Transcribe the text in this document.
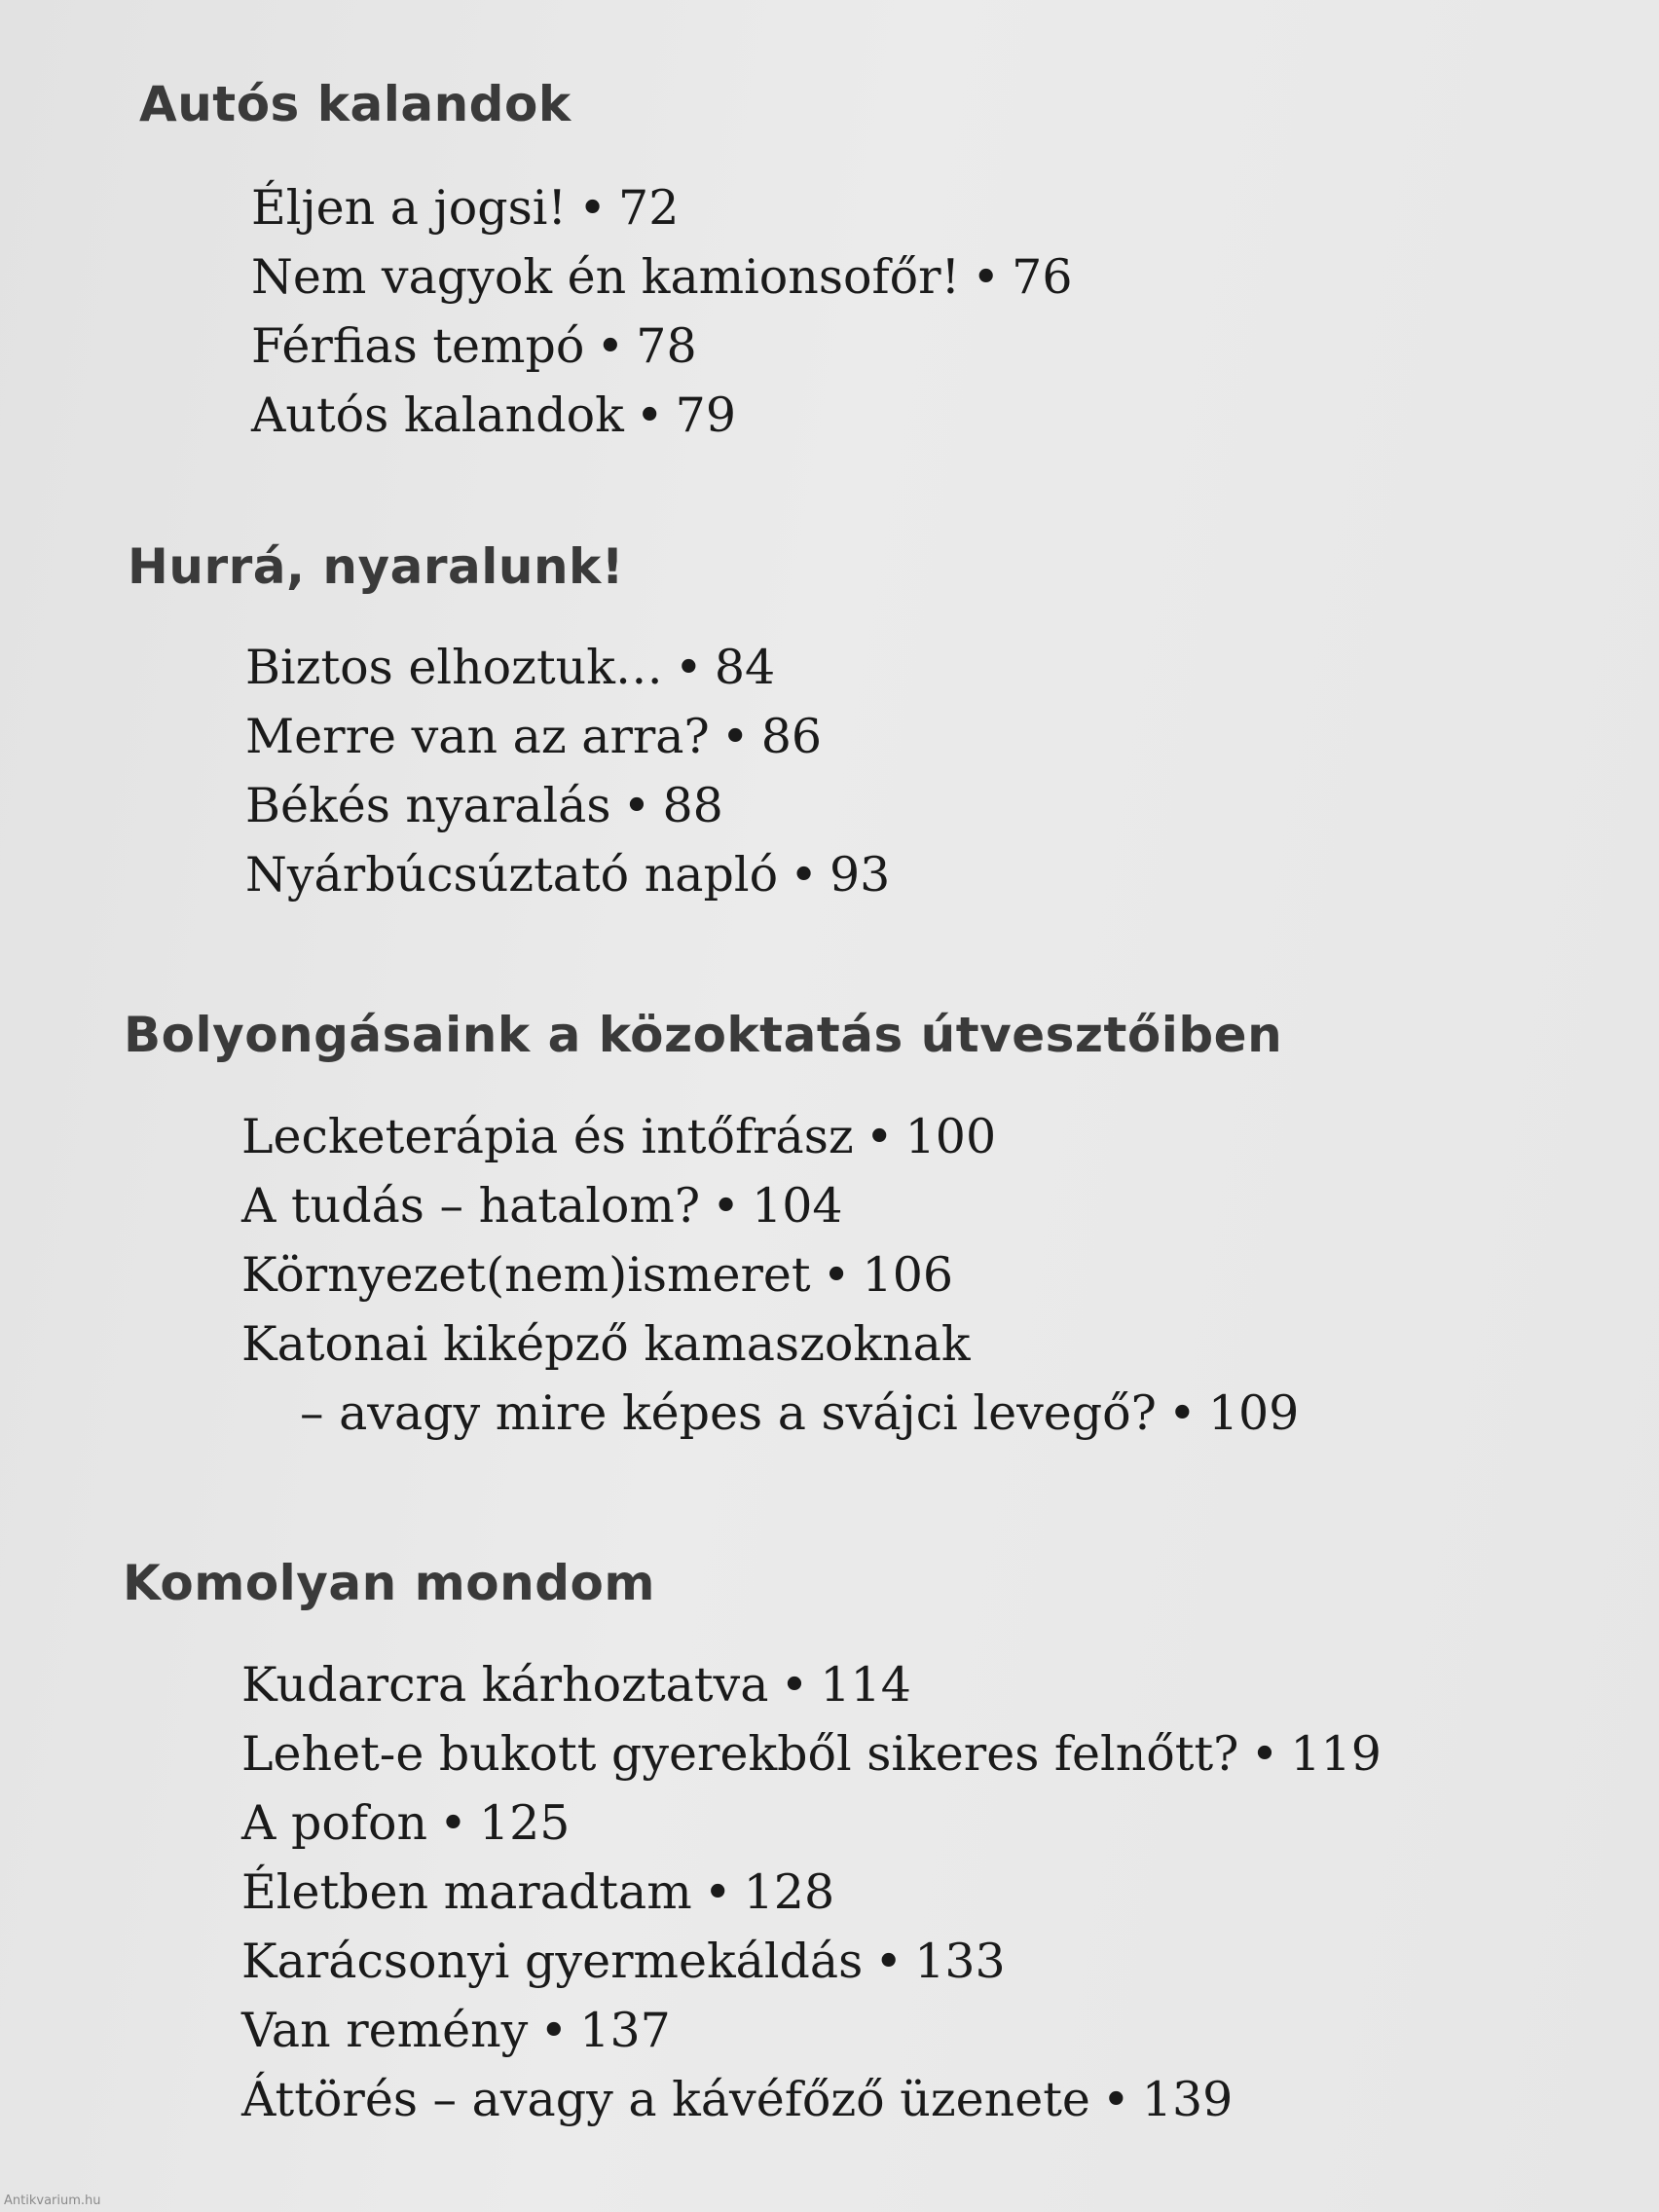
Autós kalandok
Éljen a jogsi! • 72
Nem vagyok én kamionsofőr! • 76
Férfias tempó • 78
Autós kalandok • 79
Hurrá, nyaralunk!
Biztos elhoztuk… • 84
Merre van az arra? • 86
Békés nyaralás • 88
Nyárbúcsúztató napló • 93
Bolyongásaink a közoktatás útvesztőiben
Lecketerápia és intőfrász • 100
A tudás – hatalom? • 104
Környezet(nem)ismeret • 106
Katonai kiképző kamaszoknak
– avagy mire képes a svájci levegő? • 109
Komolyan mondom
Kudarcra kárhoztatva • 114
Lehet-e bukott gyerekből sikeres felnőtt? • 119
A pofon • 125
Életben maradtam • 128
Karácsonyi gyermekáldás • 133
Van remény • 137
Áttörés – avagy a kávéfőző üzenete • 139
Antikvarium.hu
